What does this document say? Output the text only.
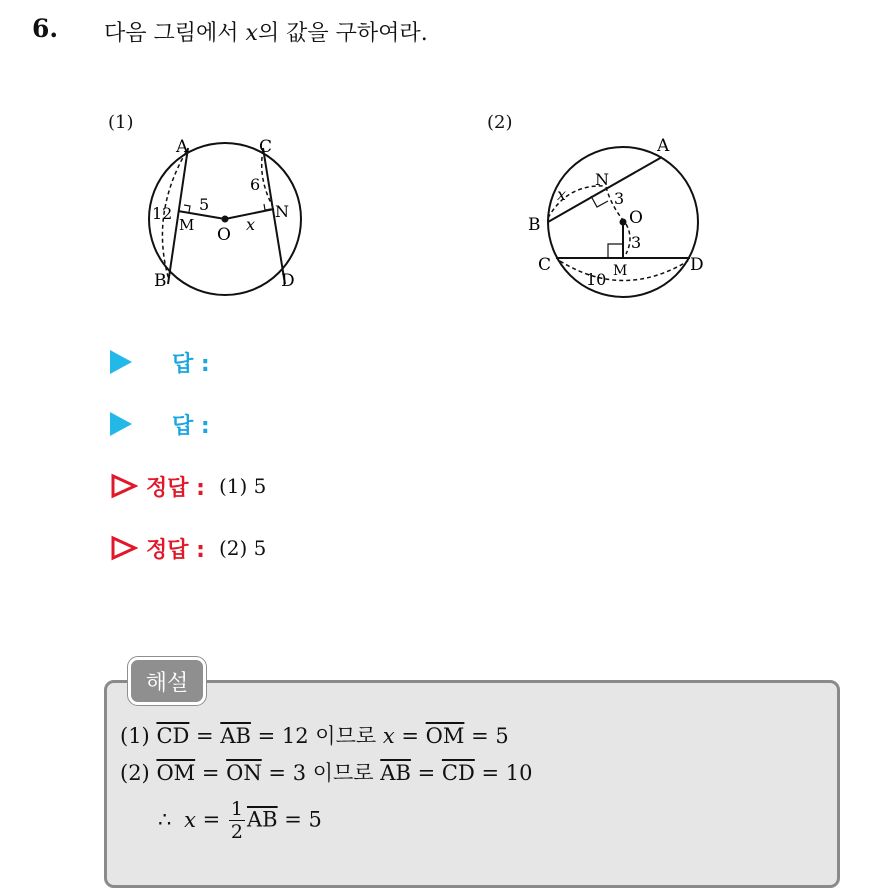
6. 다음 그림에서 x의 값을 구하여라.
(1)	(2)
A
B
C
D
M
N
O
12 5
6
x
A
B
C	D
M
N
O
x	3
3
10
답 :
답 :
정답 : (1) 5
정답 : (2) 5
해설
(1) $\overline{CD} = \overline{AB} = 12$ 이므로 $x = \overline{OM} = 5$
(2) $\overline{OM} = \overline{ON} = 3$ 이므로 $\overline{AB} = \overline{CD} = 10$
∴ $x = \frac{1}{2} \overline{AB} = 5$
